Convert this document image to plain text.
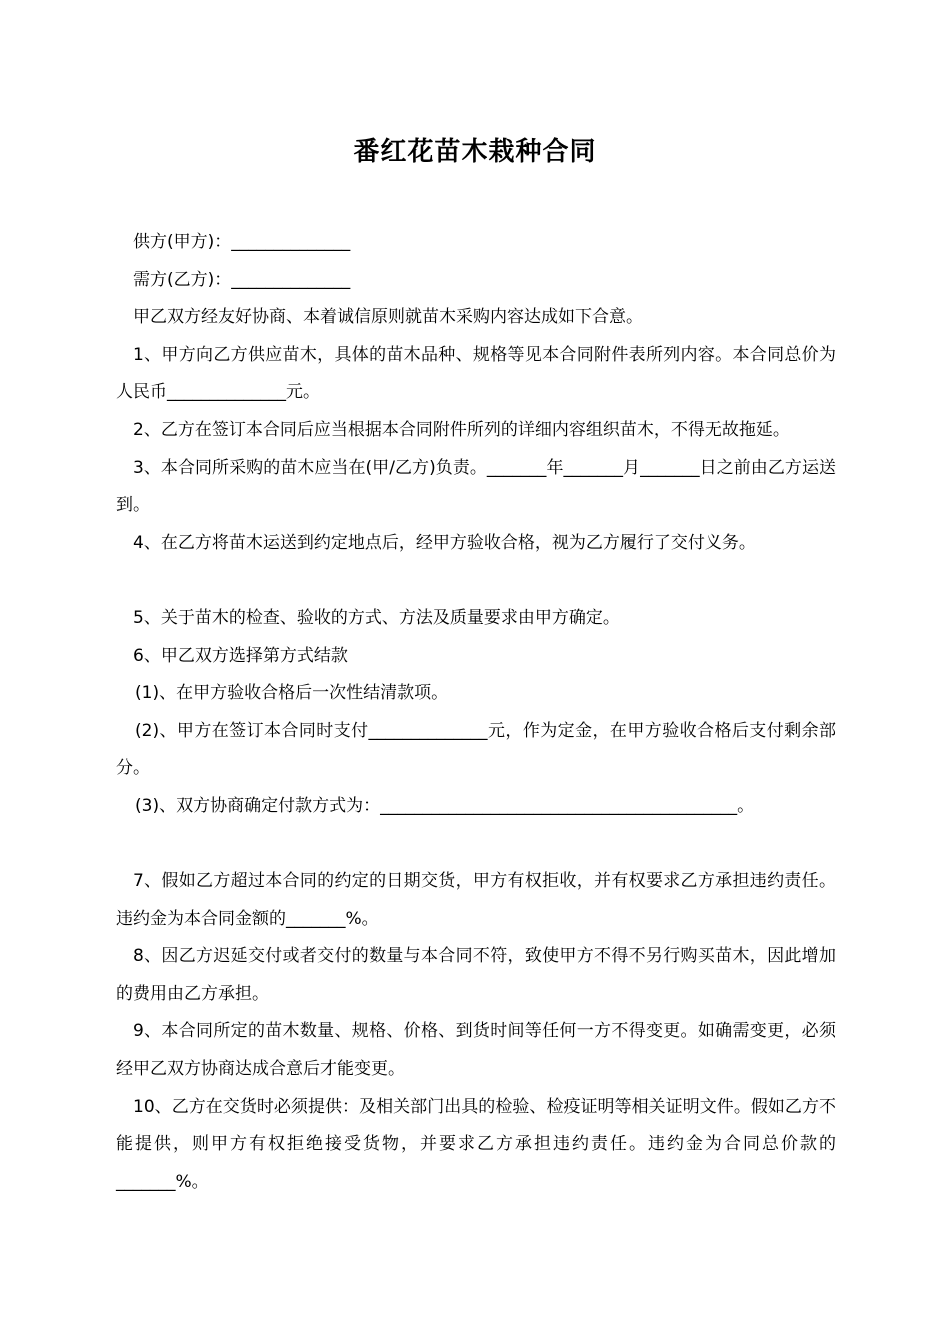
番红花苗木栽种合同

供方(甲方)：______________

需方(乙方)：______________

甲乙双方经友好协商、本着诚信原则就苗木采购内容达成如下合意。

1、甲方向乙方供应苗木，具体的苗木品种、规格等见本合同附件表所列内容。本合同总价为人民币______________元。

2、乙方在签订本合同后应当根据本合同附件所列的详细内容组织苗木，不得无故拖延。

3、本合同所采购的苗木应当在(甲/乙方)负责。_______年_______月_______日之前由乙方运送到。

4、在乙方将苗木运送到约定地点后，经甲方验收合格，视为乙方履行了交付义务。

5、关于苗木的检查、验收的方式、方法及质量要求由甲方确定。

6、甲乙双方选择第方式结款

(1)、在甲方验收合格后一次性结清款项。

(2)、甲方在签订本合同时支付______________元，作为定金，在甲方验收合格后支付剩余部分。

(3)、双方协商确定付款方式为：__________________________________________。

7、假如乙方超过本合同的约定的日期交货，甲方有权拒收，并有权要求乙方承担违约责任。违约金为本合同金额的_______%。

8、因乙方迟延交付或者交付的数量与本合同不符，致使甲方不得不另行购买苗木，因此增加的费用由乙方承担。

9、本合同所定的苗木数量、规格、价格、到货时间等任何一方不得变更。如确需变更，必须经甲乙双方协商达成合意后才能变更。

10、乙方在交货时必须提供：及相关部门出具的检验、检疫证明等相关证明文件。假如乙方不能提供，则甲方有权拒绝接受货物，并要求乙方承担违约责任。违约金为合同总价款的_______%。
